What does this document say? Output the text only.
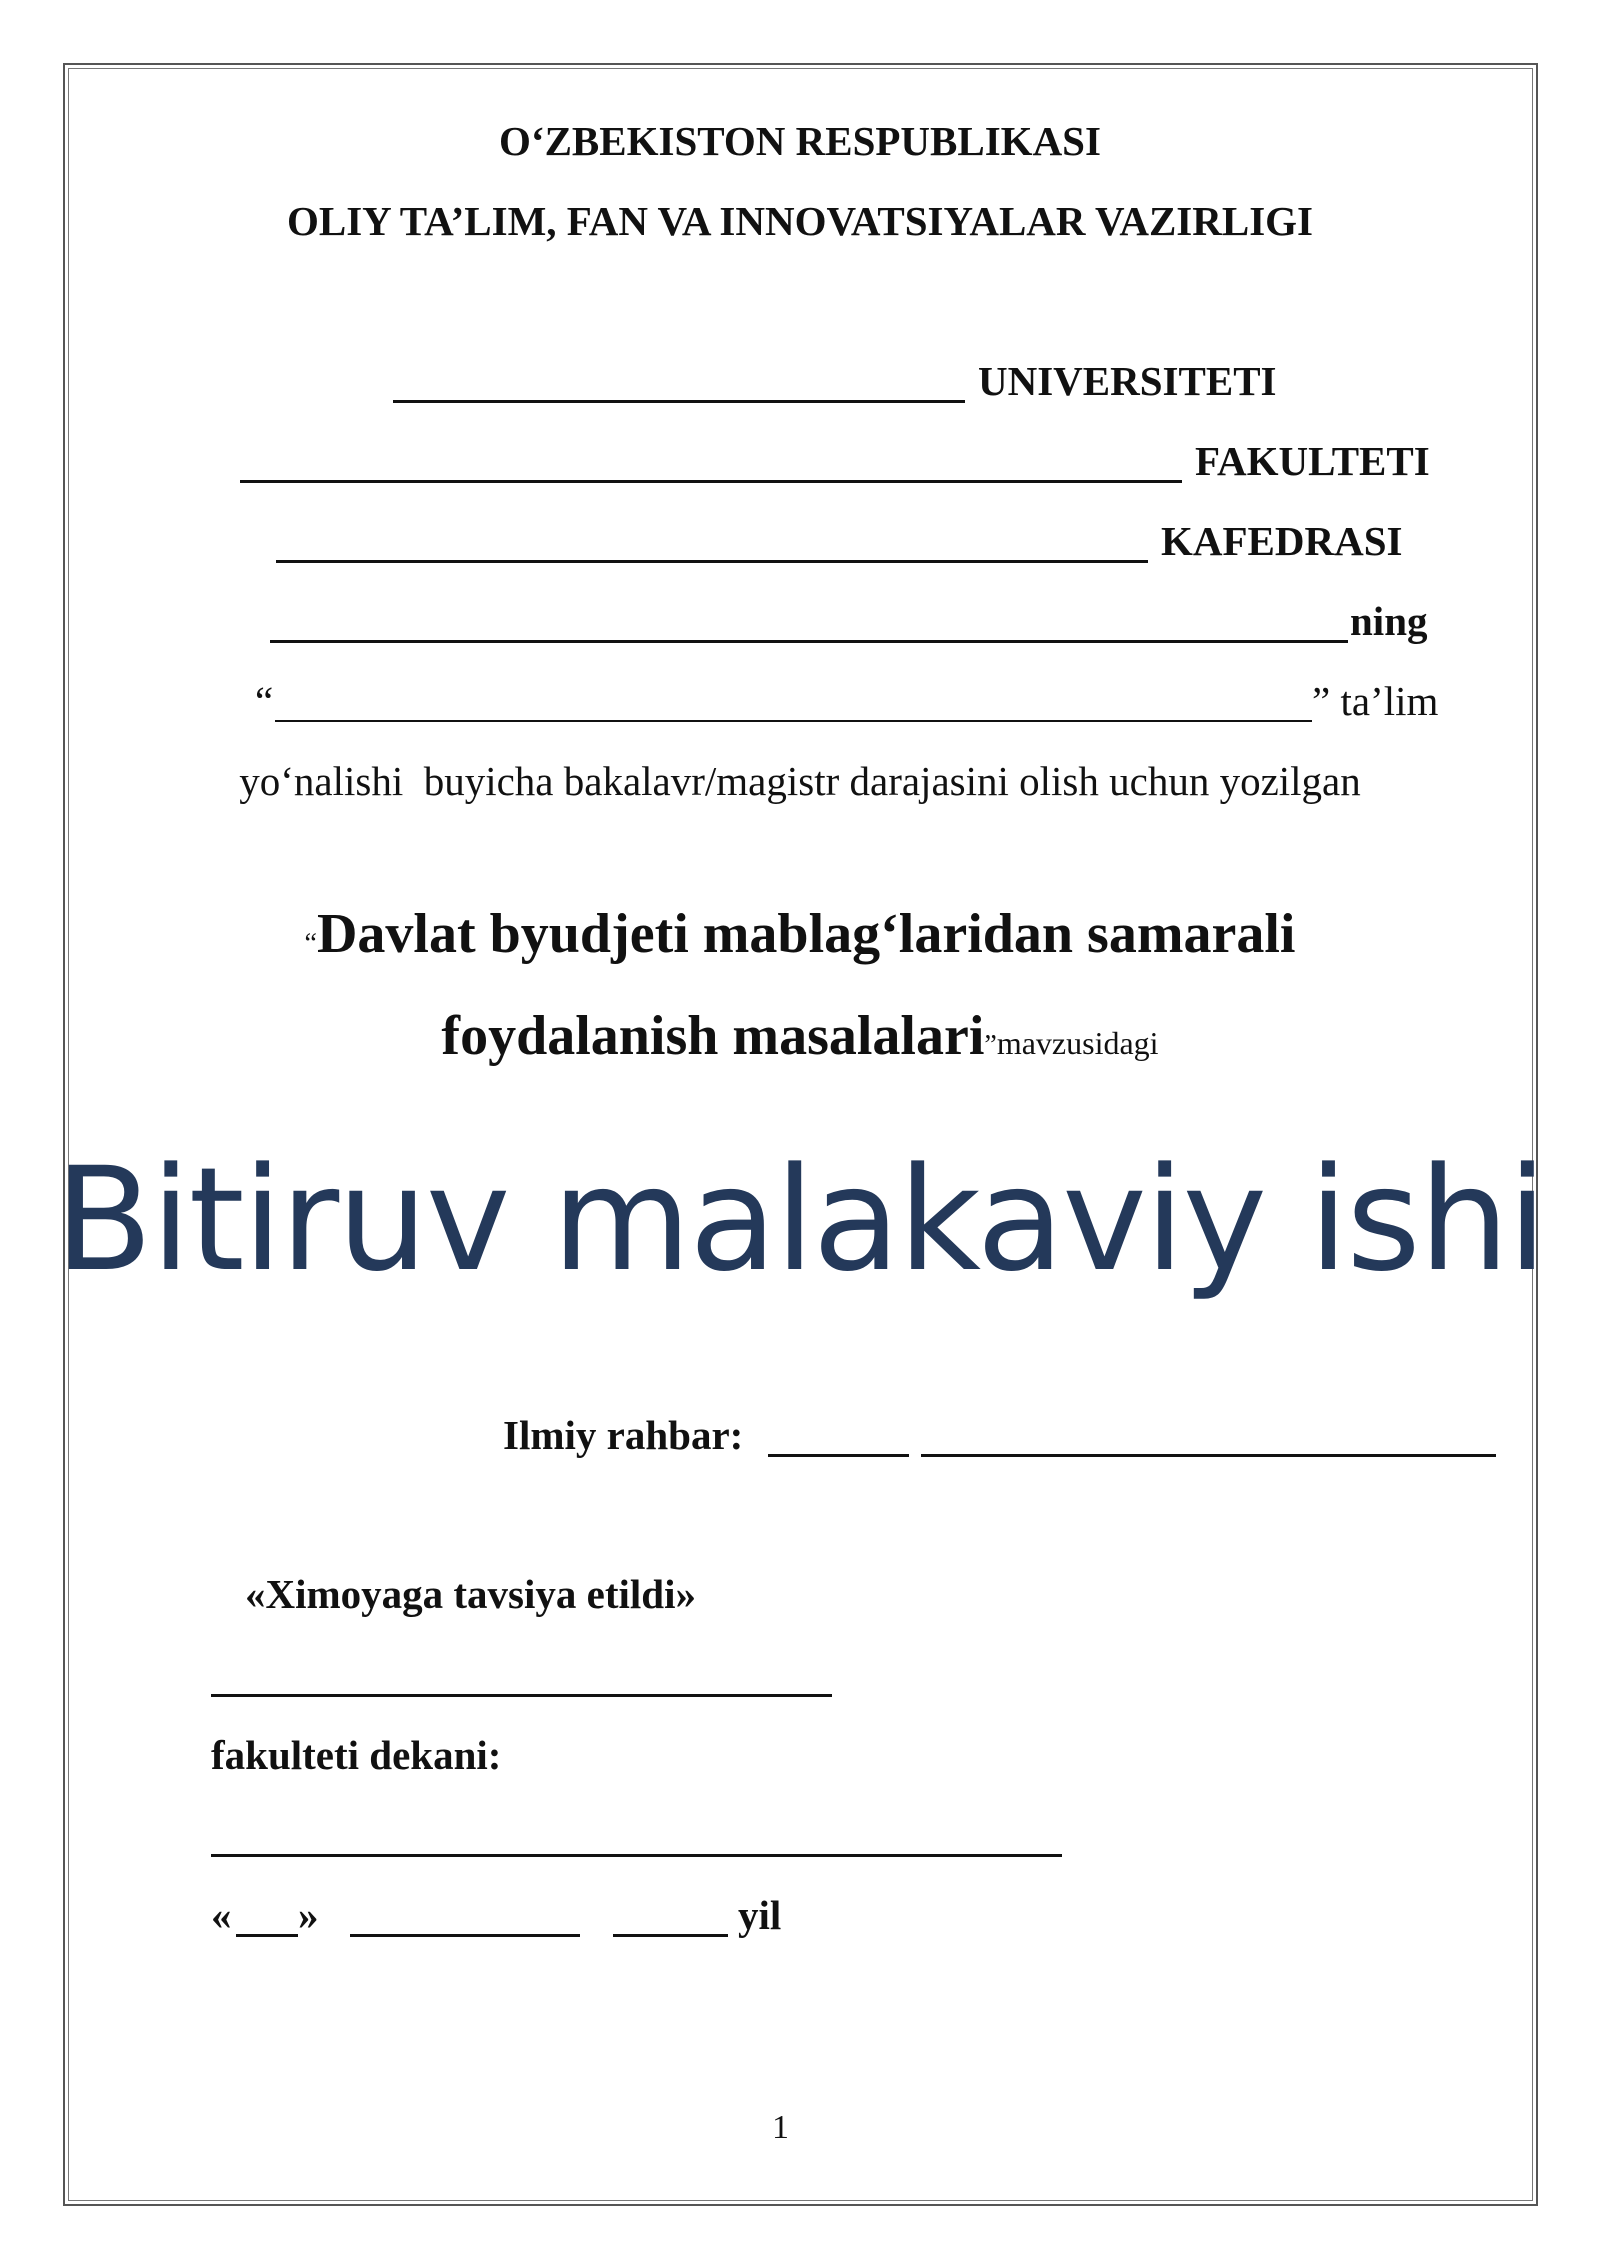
O‘ZBEKISTON RESPUBLIKASI
OLIY TA’LIM, FAN VA INNOVATSIYALAR VAZIRLIGI
UNIVERSITETI
FAKULTETI
KAFEDRASI
ning
“	” ta’lim
yo‘nalishi  buyicha bakalavr/magistr darajasini olish uchun yozilgan
“Davlat byudjeti mablag‘laridan samarali
foydalanish masalalari”mavzusidagi
Bitiruv malakaviy ishi
Ilmiy rahbar:
«Ximoyaga tavsiya etildi»
fakulteti dekani:
« »	yil
1
